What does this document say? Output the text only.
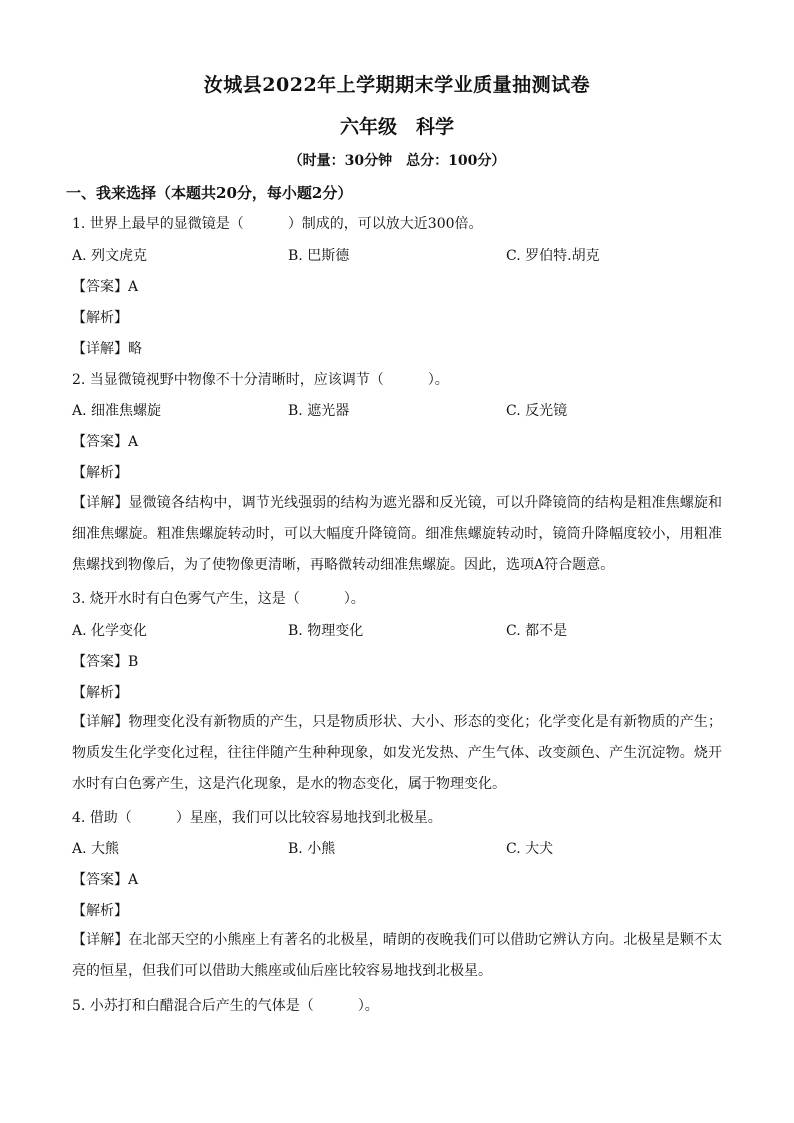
汝城县2022年上学期期末学业质量抽测试卷
六年级　科学
（时量：30分钟　总分：100分）
一、我来选择（本题共20分，每小题2分）
1. 世界上最早的显微镜是（	）制成的，可以放大近300倍。
A. 列文虎克	B. 巴斯德	C. 罗伯特.胡克
【答案】A
【解析】
【详解】略
2. 当显微镜视野中物像不十分清晰时，应该调节（	）。
A. 细准焦螺旋	B. 遮光器	C. 反光镜
【答案】A
【解析】
【详解】显微镜各结构中，调节光线强弱的结构为遮光器和反光镜，可以升降镜筒的结构是粗准焦螺旋和细准焦螺旋。粗准焦螺旋转动时，可以大幅度升降镜筒。细准焦螺旋转动时，镜筒升降幅度较小，用粗准焦螺找到物像后，为了使物像更清晰，再略微转动细准焦螺旋。因此，选项A符合题意。
3. 烧开水时有白色雾气产生，这是（	）。
A. 化学变化	B. 物理变化	C. 都不是
【答案】B
【解析】
【详解】物理变化没有新物质的产生，只是物质形状、大小、形态的变化；化学变化是有新物质的产生；物质发生化学变化过程，往往伴随产生种种现象，如发光发热、产生气体、改变颜色、产生沉淀物。烧开水时有白色雾产生，这是汽化现象，是水的物态变化，属于物理变化。
4. 借助（	）星座，我们可以比较容易地找到北极星。
A. 大熊	B. 小熊	C. 大犬
【答案】A
【解析】
【详解】在北部天空的小熊座上有著名的北极星，晴朗的夜晚我们可以借助它辨认方向。北极星是颗不太亮的恒星，但我们可以借助大熊座或仙后座比较容易地找到北极星。
5. 小苏打和白醋混合后产生的气体是（	）。
